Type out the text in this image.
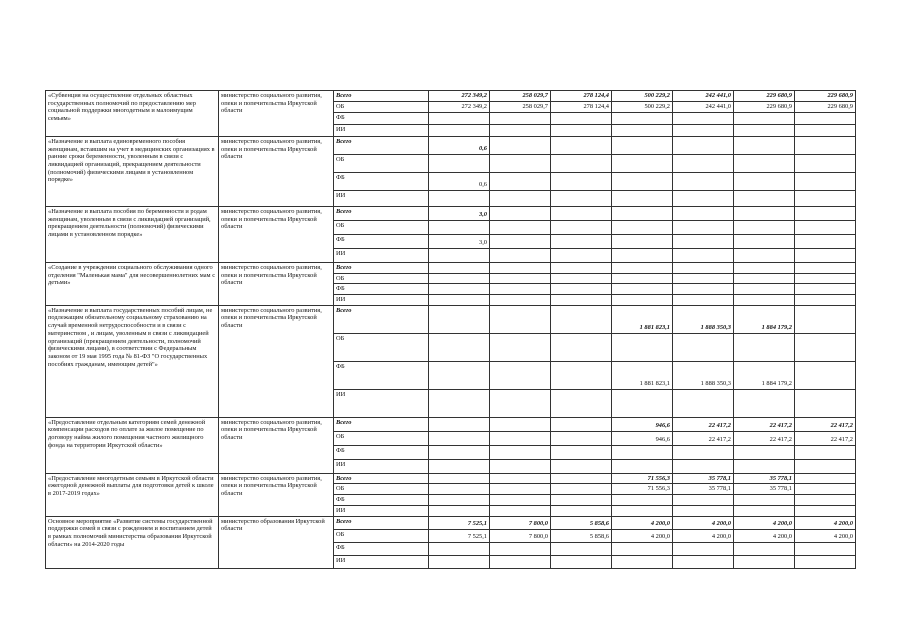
«Субвенция на осуществление отдельных областных государственных полномочий по предоставлению мер социальной поддержки многодетным и малоимущим семьям»	министерство социального развития, опеки и попечительства Иркутской области	Всего	272 349,2	258 029,7	278 124,4	500 229,2	242 441,0	229 680,9	229 680,9
		ОБ	272 349,2	258 029,7	278 124,4	500 229,2	242 441,0	229 680,9	229 680,9
		ФБ							
		ИИ							
«Назначение и выплата единовременного пособия женщинам, вставшим на учет в медицинских организациях в ранние сроки беременности, уволенным в связи с ликвидацией организаций, прекращением деятельности (полномочий) физическими лицами в установленном порядке»	министерство социального развития, опеки и попечительства Иркутской области	Всего	0,6						
		ОБ							
		ФБ	0,6						
		ИИ							
«Назначение и выплата пособия по беременности и родам женщинам, уволенным в связи с ликвидацией организаций, прекращением деятельности (полномочий) физическими лицами в установленном порядке»	министерство социального развития, опеки и попечительства Иркутской области	Всего	3,0						
		ОБ							
		ФБ	3,0						
		ИИ							
«Создание в учреждении социального обслуживания одного отделения "Маленькая мама" для несовершеннолетних мам с детьми»	министерство социального развития, опеки и попечительства Иркутской области	Всего							
		ОБ							
		ФБ							
		ИИ							
«Назначение и выплата государственных пособий лицам, не подлежащим обязательному социальному страхованию на случай временной нетрудоспособности и в связи с материнством , и лицам, уволенным в связи с ликвидацией организаций (прекращением деятельности, полномочий физическими лицами), в соответствии с Федеральным законом от 19 мая 1995 года № 81-ФЗ "О государственных пособиях гражданам, имеющим детей"»	министерство социального развития, опеки и попечительства Иркутской области	Всего				1 881 823,1	1 888 350,3	1 884 179,2	
		ОБ							
		ФБ				1 881 823,1	1 888 350,3	1 884 179,2	
		ИИ							
«Предоставление отдельным категориям семей денежной компенсации расходов по оплате за жилое помещение по договору найма жилого помещения частного жилищного фонда на территории Иркутской области»	министерство социального развития, опеки и попечительства Иркутской области	Всего				946,6	22 417,2	22 417,2	22 417,2
		ОБ				946,6	22 417,2	22 417,2	22 417,2
		ФБ							
		ИИ							
«Предоставление многодетным семьям в Иркутской области ежегодной денежной выплаты для подготовки детей к школе в 2017-2019 годах»	министерство социального развития, опеки и попечительства Иркутской области	Всего				71 556,3	35 778,1	35 778,1	
		ОБ				71 556,3	35 778,1	35 778,1	
		ФБ							
		ИИ							
Основное мероприятие «Развитие системы государственной поддержки семей в связи с рождением и воспитанием детей в рамках полномочий министерства образования Иркутской области» на 2014-2020 годы	министерство образования Иркутской области	Всего	7 525,1	7 800,0	5 858,6	4 200,0	4 200,0	4 200,0	4 200,0
		ОБ	7 525,1	7 800,0	5 858,6	4 200,0	4 200,0	4 200,0	4 200,0
		ФБ							
		ИИ							
